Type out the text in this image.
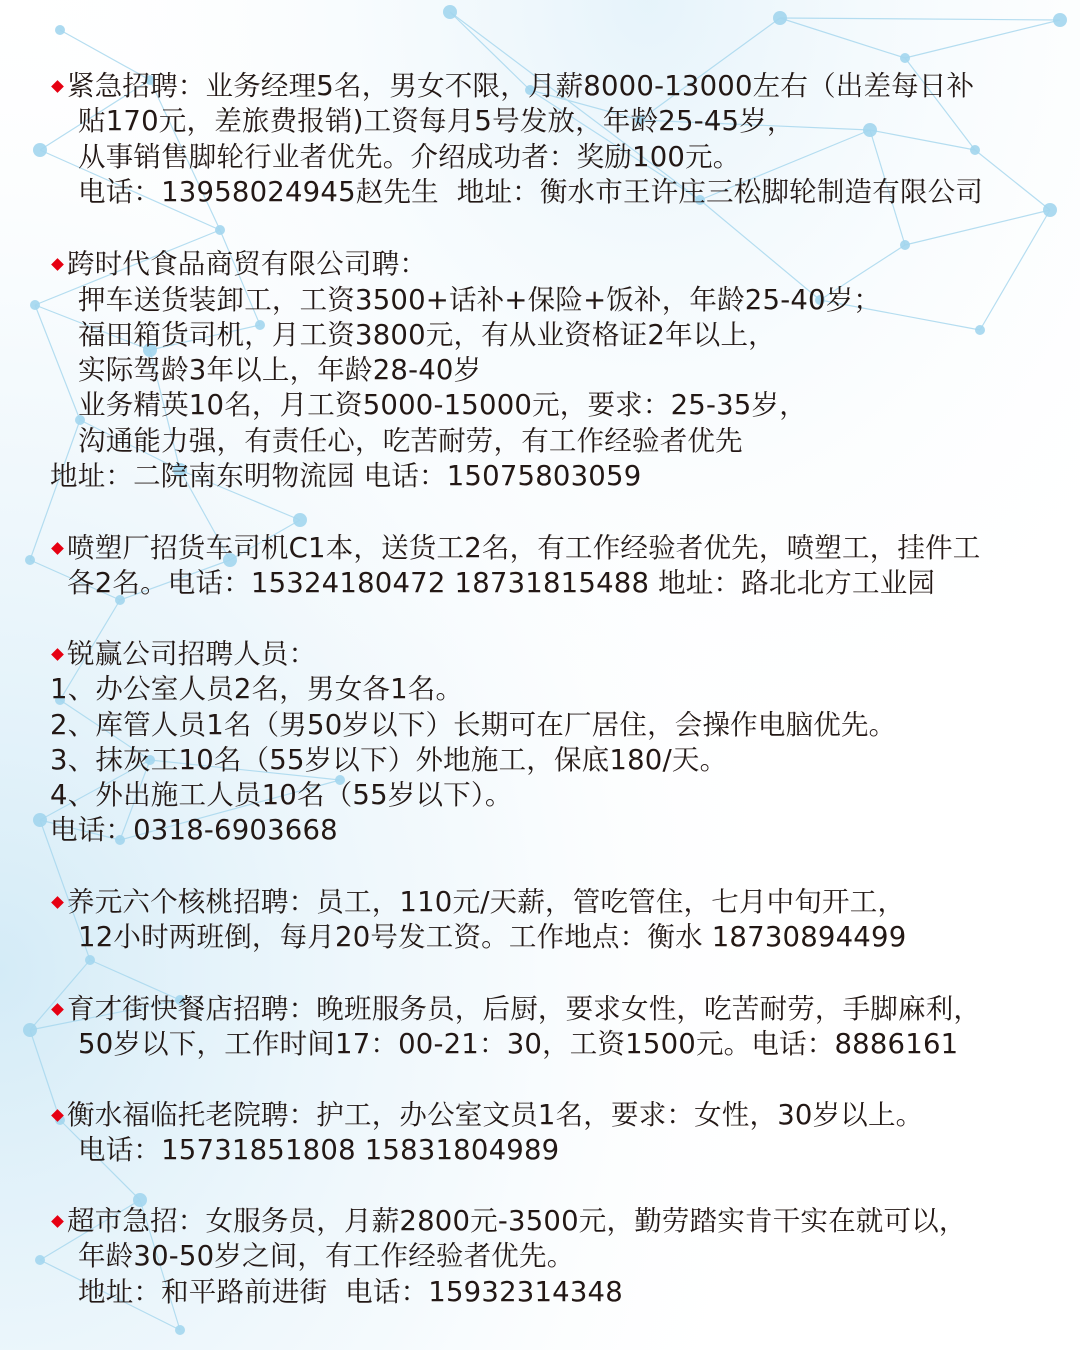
紧急招聘：业务经理5名，男女不限，月薪8000-13000左右（出差每日补
贴170元，差旅费报销)工资每月5号发放，年龄25-45岁，
从事销售脚轮行业者优先。介绍成功者：奖励100元。
电话：13958024945赵先生  地址：衡水市王许庄三松脚轮制造有限公司
跨时代食品商贸有限公司聘：
押车送货装卸工，工资3500+话补+保险+饭补，年龄25-40岁；
福田箱货司机，月工资3800元，有从业资格证2年以上，
实际驾龄3年以上，年龄28-40岁
业务精英10名，月工资5000-15000元，要求：25-35岁，
沟通能力强，有责任心，吃苦耐劳，有工作经验者优先
地址：二院南东明物流园 电话：15075803059
喷塑厂招货车司机C1本，送货工2名，有工作经验者优先，喷塑工，挂件工
各2名。电话：15324180472 18731815488 地址：路北北方工业园
锐赢公司招聘人员：
1、办公室人员2名，男女各1名。
2、库管人员1名（男50岁以下）长期可在厂居住，会操作电脑优先。
3、抹灰工10名（55岁以下）外地施工，保底180/天。
4、外出施工人员10名（55岁以下）。
电话：0318-6903668
养元六个核桃招聘：员工，110元/天薪，管吃管住，七月中旬开工，
12小时两班倒，每月20号发工资。工作地点：衡水 18730894499
育才街快餐店招聘：晚班服务员，后厨，要求女性，吃苦耐劳，手脚麻利，
50岁以下，工作时间17：00-21：30，工资1500元。电话：8886161
衡水福临托老院聘：护工，办公室文员1名，要求：女性，30岁以上。
电话：15731851808 15831804989
超市急招：女服务员，月薪2800元-3500元，勤劳踏实肯干实在就可以，
年龄30-50岁之间，有工作经验者优先。
地址：和平路前进街  电话：15932314348
